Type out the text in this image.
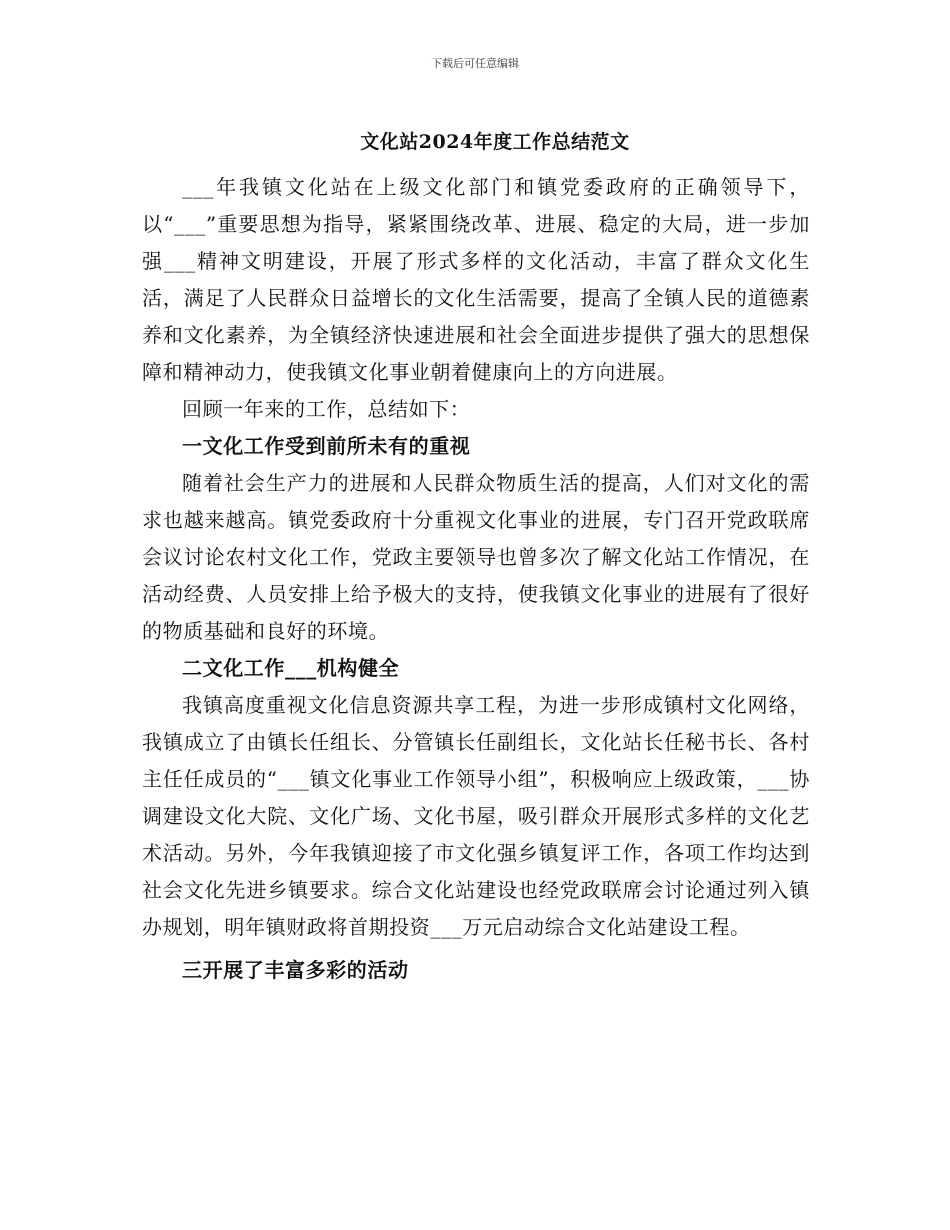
下载后可任意编辑
文化站2024年度工作总结范文

___年我镇文化站在上级文化部门和镇党委政府的正确领导下，以“___”重要思想为指导，紧紧围绕改革、进展、稳定的大局，进一步加强___精神文明建设，开展了形式多样的文化活动，丰富了群众文化生活，满足了人民群众日益增长的文化生活需要，提高了全镇人民的道德素养和文化素养，为全镇经济快速进展和社会全面进步提供了强大的思想保障和精神动力，使我镇文化事业朝着健康向上的方向进展。

回顾一年来的工作，总结如下：

一文化工作受到前所未有的重视

随着社会生产力的进展和人民群众物质生活的提高，人们对文化的需求也越来越高。镇党委政府十分重视文化事业的进展，专门召开党政联席会议讨论农村文化工作，党政主要领导也曾多次了解文化站工作情况，在活动经费、人员安排上给予极大的支持，使我镇文化事业的进展有了很好的物质基础和良好的环境。

二文化工作___机构健全

我镇高度重视文化信息资源共享工程，为进一步形成镇村文化网络，我镇成立了由镇长任组长、分管镇长任副组长，文化站长任秘书长、各村主任任成员的“___镇文化事业工作领导小组”，积极响应上级政策，___协调建设文化大院、文化广场、文化书屋，吸引群众开展形式多样的文化艺术活动。另外，今年我镇迎接了市文化强乡镇复评工作，各项工作均达到社会文化先进乡镇要求。综合文化站建设也经党政联席会讨论通过列入镇办规划，明年镇财政将首期投资___万元启动综合文化站建设工程。

三开展了丰富多彩的活动
